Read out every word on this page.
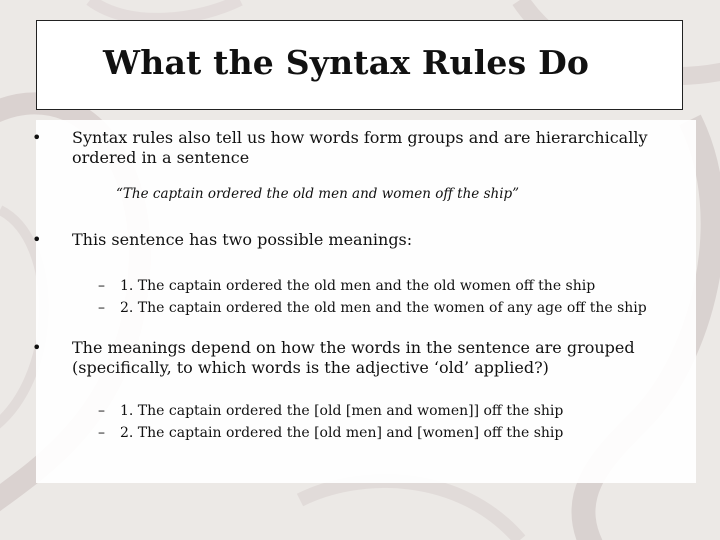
What the Syntax Rules Do
• Syntax rules also tell us how words form groups and are hierarchically
ordered in a sentence
“The captain ordered the old men and women off the ship”
• This sentence has two possible meanings:
– 1. The captain ordered the old men and the old women off the ship
– 2. The captain ordered the old men and the women of any age off the ship
• The meanings depend on how the words in the sentence are grouped
(specifically, to which words is the adjective ‘old’ applied?)
– 1. The captain ordered the [old [men and women]] off the ship
– 2. The captain ordered the [old men] and [women] off the ship
